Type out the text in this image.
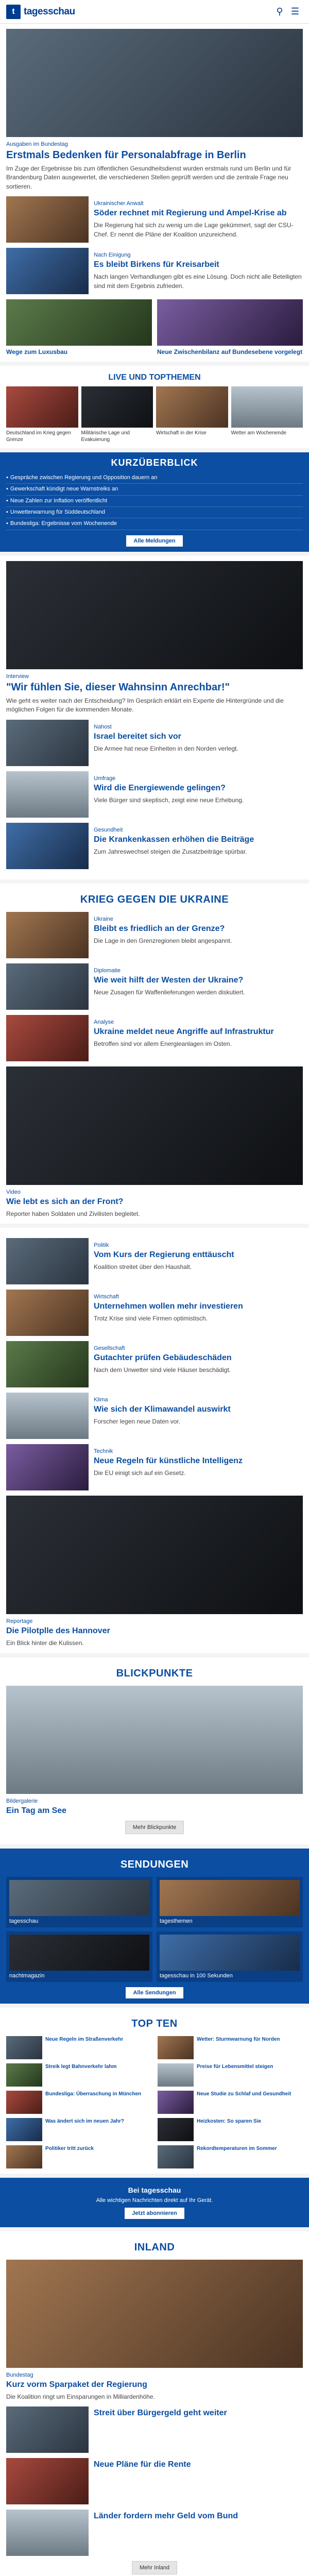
t tagesschau	⚲ ☰
Ausgaben im Bundestag
Erstmals Bedenken für Personalabfrage in Berlin
Im Zuge der Ergebnisse bis zum öffentlichen Gesundheitsdienst wurden erstmals rund um Berlin und für Brandenburg Daten ausgewertet, die verschiedenen Stellen geprüft werden und die zentrale Frage neu sortieren.
Ukrainischer Anwalt
Söder rechnet mit Regierung und Ampel-Krise ab
Die Regierung hat sich zu wenig um die Lage gekümmert, sagt der CSU-Chef. Er nennt die Pläne der Koalition unzureichend.
Nach Einigung
Es bleibt Birkens für Kreisarbeit
Nach langen Verhandlungen gibt es eine Lösung. Doch nicht alle Beteiligten sind mit dem Ergebnis zufrieden.
Wege zum Luxusbau	Neue Zwischenbilanz auf Bundesebene vorgelegt
LIVE UND TOPTHEMEN
Deutschland im Krieg gegen Grenze
Militärische Lage und Evakuierung
Wirtschaft in der Krise	Wetter am Wochenende
KURZÜBERBLICK
▪ Gespräche zwischen Regierung und Opposition dauern an
▪ Gewerkschaft kündigt neue Warnstreiks an
▪ Neue Zahlen zur Inflation veröffentlicht
▪ Unwetterwarnung für Süddeutschland
▪ Bundesliga: Ergebnisse vom Wochenende
Alle Meldungen
Interview
"Wir fühlen Sie, dieser Wahnsinn Anrechbar!"
Wie geht es weiter nach der Entscheidung? Im Gespräch erklärt ein Experte die Hintergründe und die möglichen Folgen für die kommenden Monate.
Nahost
Israel bereitet sich vor
Die Armee hat neue Einheiten in den Norden verlegt.
Umfrage
Wird die Energiewende gelingen?
Viele Bürger sind skeptisch, zeigt eine neue Erhebung.
Gesundheit
Die Krankenkassen erhöhen die Beiträge
Zum Jahreswechsel steigen die Zusatzbeiträge spürbar.
KRIEG GEGEN DIE UKRAINE
Ukraine
Bleibt es friedlich an der Grenze?
Die Lage in den Grenzregionen bleibt angespannt.
Diplomatie
Wie weit hilft der Westen der Ukraine?
Neue Zusagen für Waffenlieferungen werden diskutiert.
Analyse
Ukraine meldet neue Angriffe auf Infrastruktur
Betroffen sind vor allem Energieanlagen im Osten.
Video
Wie lebt es sich an der Front?
Reporter haben Soldaten und Zivilisten begleitet.
Politik
Vom Kurs der Regierung enttäuscht
Koalition streitet über den Haushalt.
Wirtschaft
Unternehmen wollen mehr investieren
Trotz Krise sind viele Firmen optimistisch.
Gesellschaft
Gutachter prüfen Gebäudeschäden
Nach dem Unwetter sind viele Häuser beschädigt.
Klima
Wie sich der Klimawandel auswirkt
Forscher legen neue Daten vor.
Technik
Neue Regeln für künstliche Intelligenz
Die EU einigt sich auf ein Gesetz.
Reportage
Die Pilotplle des Hannover
Ein Blick hinter die Kulissen.
BLICKPUNKTE
Bildergalerie
Ein Tag am See
Mehr Blickpunkte
SENDUNGEN
tagesschau	tagesthemen
nachtmagazin	tagesschau in 100 Sekunden
Alle Sendungen
TOP TEN
Neue Regeln im Straßenverkehr	Wetter: Sturmwarnung für Norden
Streik legt Bahnverkehr lahm	Preise für Lebensmittel steigen
Bundesliga: Überraschung in München	Neue Studie zu Schlaf und Gesundheit
Was ändert sich im neuen Jahr?	Heizkosten: So sparen Sie
Politiker tritt zurück	Rekordtemperaturen im Sommer
Bei tagesschau
Alle wichtigen Nachrichten direkt auf Ihr Gerät.
Jetzt abonnieren
INLAND
Bundestag
Kurz vorm Sparpaket der Regierung
Die Koalition ringt um Einsparungen in Milliardenhöhe.
Streit über Bürgergeld geht weiter
Neue Pläne für die Rente
Länder fordern mehr Geld vom Bund
Mehr Inland
